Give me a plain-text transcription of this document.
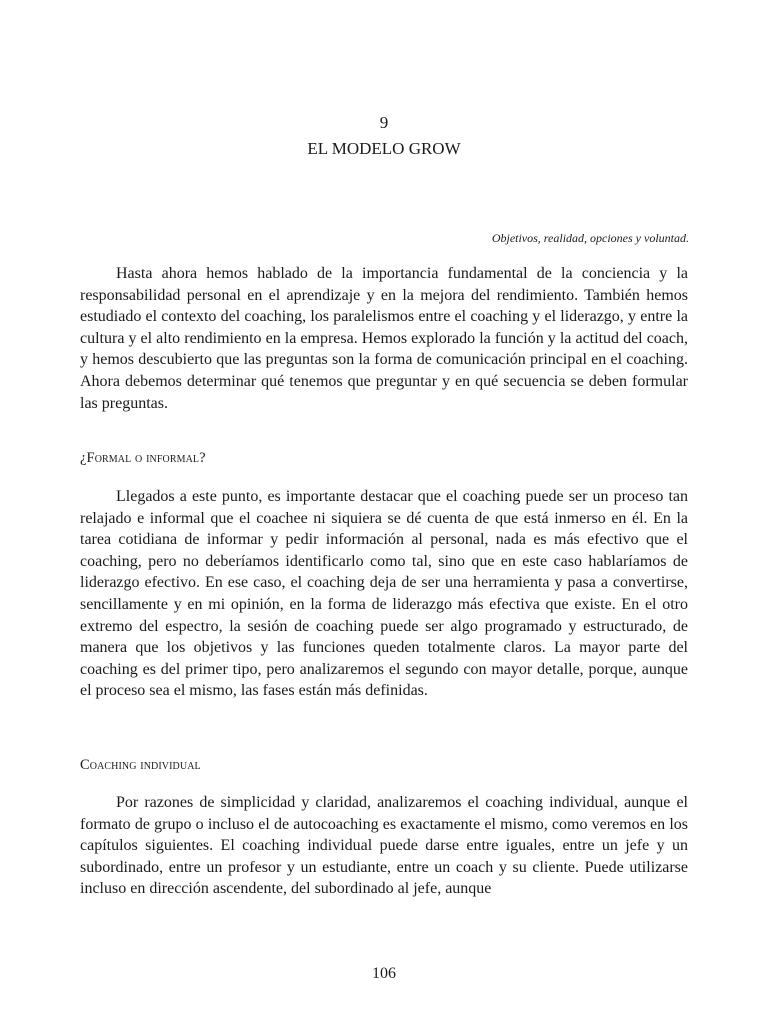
9
EL MODELO GROW
Objetivos, realidad, opciones y voluntad.

Hasta ahora hemos hablado de la importancia fundamental de la conciencia y la responsabilidad personal en el aprendizaje y en la mejora del rendimiento. También hemos estudiado el contexto del coaching, los paralelismos entre el coaching y el liderazgo, y entre la cultura y el alto rendimiento en la empresa. Hemos explorado la función y la actitud del coach, y hemos descubierto que las preguntas son la forma de comunicación principal en el coaching. Ahora debemos determinar qué tenemos que preguntar y en qué secuencia se deben formular las preguntas.

¿Formal o informal?

Llegados a este punto, es importante destacar que el coaching puede ser un proceso tan relajado e informal que el coachee ni siquiera se dé cuenta de que está inmerso en él. En la tarea cotidiana de informar y pedir información al personal, nada es más efectivo que el coaching, pero no deberíamos identificarlo como tal, sino que en este caso hablaríamos de liderazgo efectivo. En ese caso, el coaching deja de ser una herramienta y pasa a convertirse, sencillamente y en mi opinión, en la forma de liderazgo más efectiva que existe. En el otro extremo del espectro, la sesión de coaching puede ser algo programado y estructurado, de manera que los objetivos y las funciones queden totalmente claros. La mayor parte del coaching es del primer tipo, pero analizaremos el segundo con mayor detalle, porque, aunque el proceso sea el mismo, las fases están más definidas.

Coaching individual

Por razones de simplicidad y claridad, analizaremos el coaching individual, aunque el formato de grupo o incluso el de autocoaching es exactamente el mismo, como veremos en los capítulos siguientes. El coaching individual puede darse entre iguales, entre un jefe y un subordinado, entre un profesor y un estudiante, entre un coach y su cliente. Puede utilizarse incluso en dirección ascendente, del subordinado al jefe, aunque

106
